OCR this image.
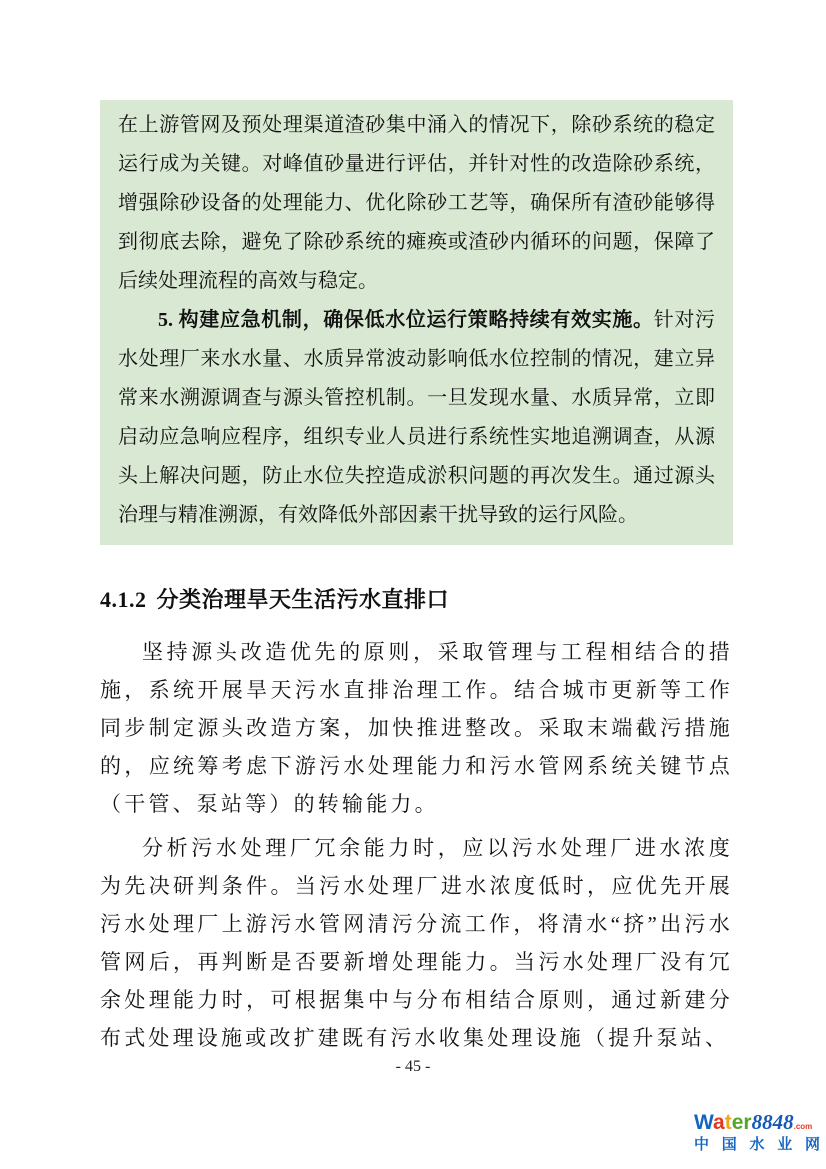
在上游管网及预处理渠道渣砂集中涌入的情况下，除砂系统的稳定运行成为关键。对峰值砂量进行评估，并针对性的改造除砂系统，增强除砂设备的处理能力、优化除砂工艺等，确保所有渣砂能够得到彻底去除，避免了除砂系统的瘫痪或渣砂内循环的问题，保障了后续处理流程的高效与稳定。

5. 构建应急机制，确保低水位运行策略持续有效实施。针对污水处理厂来水水量、水质异常波动影响低水位控制的情况，建立异常来水溯源调查与源头管控机制。一旦发现水量、水质异常，立即启动应急响应程序，组织专业人员进行系统性实地追溯调查，从源头上解决问题，防止水位失控造成淤积问题的再次发生。通过源头治理与精准溯源，有效降低外部因素干扰导致的运行风险。

4.1.2 分类治理旱天生活污水直排口

坚持源头改造优先的原则，采取管理与工程相结合的措施，系统开展旱天污水直排治理工作。结合城市更新等工作同步制定源头改造方案，加快推进整改。采取末端截污措施的，应统筹考虑下游污水处理能力和污水管网系统关键节点（干管、泵站等）的转输能力。

分析污水处理厂冗余能力时，应以污水处理厂进水浓度为先决研判条件。当污水处理厂进水浓度低时，应优先开展污水处理厂上游污水管网清污分流工作，将清水“挤”出污水管网后，再判断是否要新增处理能力。当污水处理厂没有冗余处理能力时，可根据集中与分布相结合原则，通过新建分布式处理设施或改扩建既有污水收集处理设施（提升泵站、

- 45 -
Water8848.com
中 国 水 业 网
